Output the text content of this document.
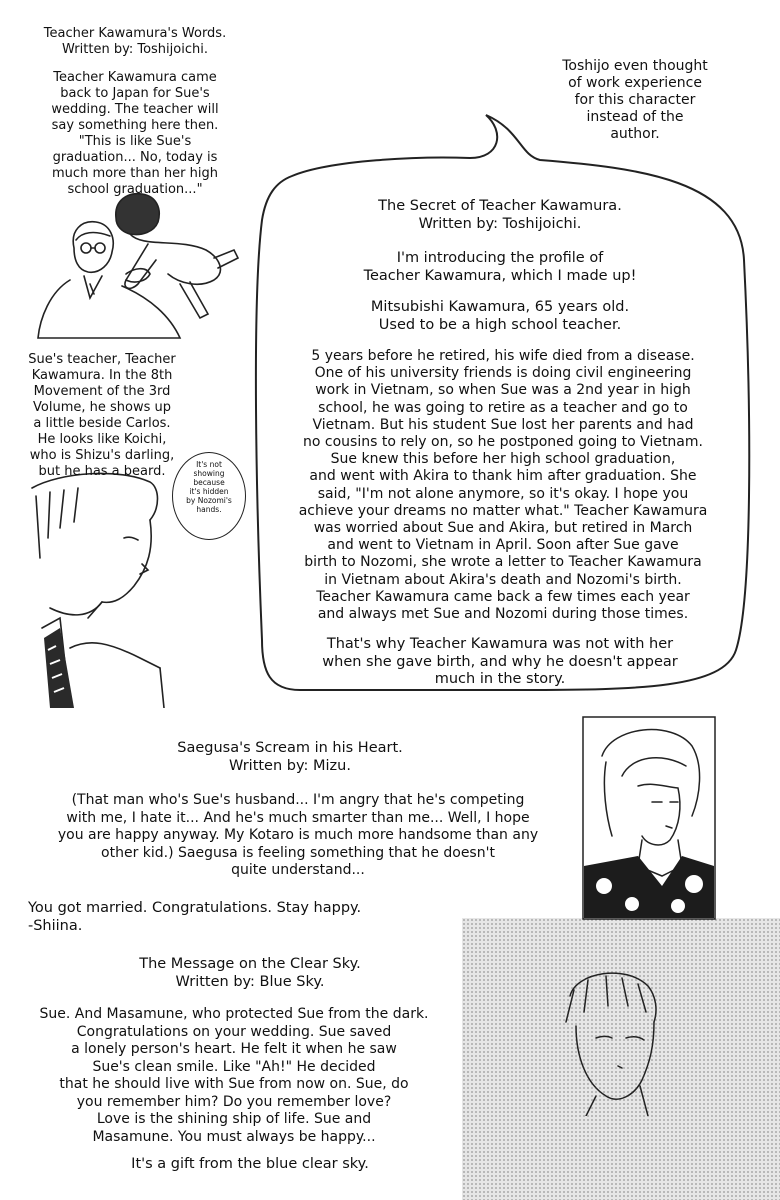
It's not
showing
because
it's hidden
by Nozomi's
hands.
Teacher Kawamura's Words.
Written by: Toshijoichi.
Teacher Kawamura came
back to Japan for Sue's
wedding. The teacher will
say something here then.
"This is like Sue's
graduation... No, today is
much more than her high
school graduation..."
Sue's teacher, Teacher
Kawamura. In the 8th
Movement of the 3rd
Volume, he shows up
a little beside Carlos.
He looks like Koichi,
who is Shizu's darling,
but he has a beard.
Toshijo even thought
of work experience
for this character
instead of the
author.
The Secret of Teacher Kawamura.
Written by: Toshijoichi.
I'm introducing the profile of
Teacher Kawamura, which I made up!
Mitsubishi Kawamura, 65 years old.
Used to be a high school teacher.
5 years before he retired, his wife died from a disease.
One of his university friends is doing civil engineering
work in Vietnam, so when Sue was a 2nd year in high
school, he was going to retire as a teacher and go to
Vietnam. But his student Sue lost her parents and had
no cousins to rely on, so he postponed going to Vietnam.
Sue knew this before her high school graduation,
and went with Akira to thank him after graduation. She
said, "I'm not alone anymore, so it's okay. I hope you
achieve your dreams no matter what." Teacher Kawamura
was worried about Sue and Akira, but retired in March
and went to Vietnam in April. Soon after Sue gave
birth to Nozomi, she wrote a letter to Teacher Kawamura
in Vietnam about Akira's death and Nozomi's birth.
Teacher Kawamura came back a few times each year
and always met Sue and Nozomi during those times.
That's why Teacher Kawamura was not with her
when she gave birth, and why he doesn't appear
much in the story.
Saegusa's Scream in his Heart.
Written by: Mizu.
(That man who's Sue's husband... I'm angry that he's competing
with me, I hate it... And he's much smarter than me... Well, I hope
you are happy anyway. My Kotaro is much more handsome than any
other kid.) Saegusa is feeling something that he doesn't
quite understand...
You got married. Congratulations. Stay happy.
-Shiina.
The Message on the Clear Sky.
Written by: Blue Sky.
Sue. And Masamune, who protected Sue from the dark.
Congratulations on your wedding. Sue saved
a lonely person's heart. He felt it when he saw
Sue's clean smile. Like "Ah!" He decided
that he should live with Sue from now on. Sue, do
you remember him? Do you remember love?
Love is the shining ship of life. Sue and
Masamune. You must always be happy...
It's a gift from the blue clear sky.
